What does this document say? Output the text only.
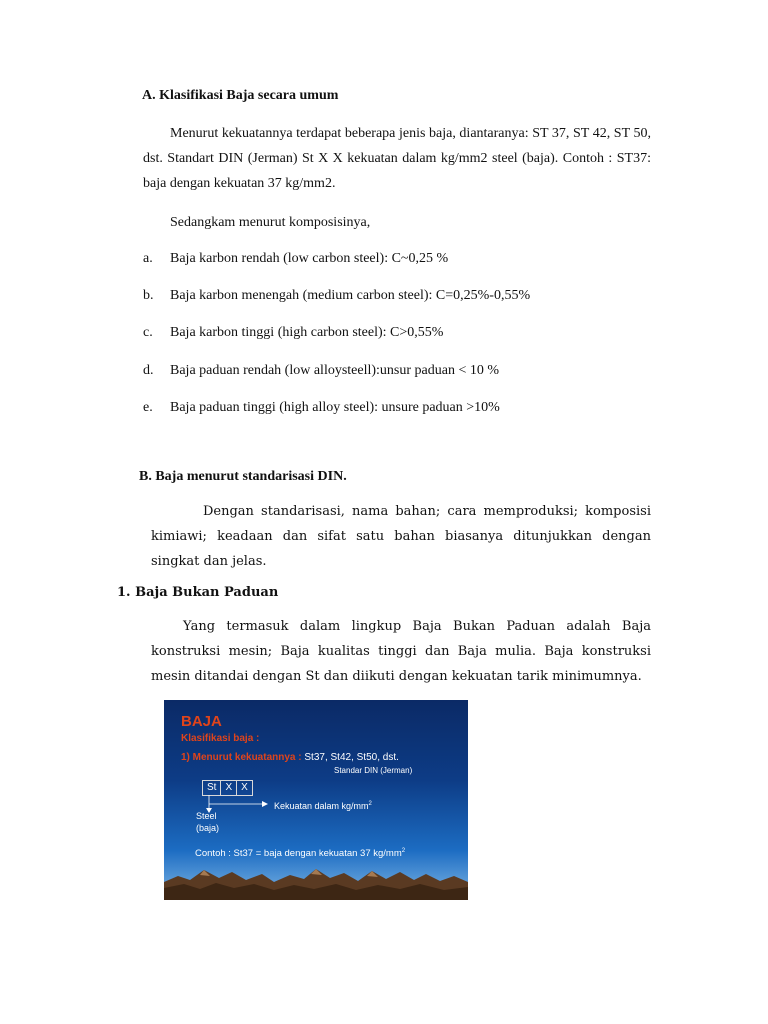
A. Klasifikasi Baja secara umum
Menurut kekuatannya terdapat beberapa jenis baja, diantaranya: ST 37, ST 42, ST 50, dst. Standart DIN (Jerman) St X X kekuatan dalam kg/mm2 steel (baja). Contoh : ST37: baja dengan kekuatan 37 kg/mm2.
Sedangkam menurut komposisinya,
a. Baja karbon rendah (low carbon steel): C~0,25 %
b. Baja karbon menengah (medium carbon steel): C=0,25%-0,55%
c. Baja karbon tinggi (high carbon steel): C>0,55%
d. Baja paduan rendah (low alloysteell):unsur paduan < 10 %
e. Baja paduan tinggi (high alloy steel): unsure paduan >10%
B. Baja menurut standarisasi DIN.
Dengan standarisasi, nama bahan; cara memproduksi; komposisi kimiawi; keadaan dan sifat satu bahan biasanya ditunjukkan dengan singkat dan jelas.
1. Baja Bukan Paduan
Yang termasuk dalam lingkup Baja Bukan Paduan adalah Baja konstruksi mesin; Baja kualitas tinggi dan Baja mulia. Baja konstruksi mesin ditandai dengan St dan diikuti dengan kekuatan tarik minimumnya.
BAJA
Klasifikasi baja :
1) Menurut kekuatannya : St37, St42, St50, dst.
Standar DIN (Jerman)
St X X
Kekuatan dalam $kg/mm^2$
Steel
(baja)
Contoh : St37 = baja dengan kekuatan 37 $kg/mm^2$
